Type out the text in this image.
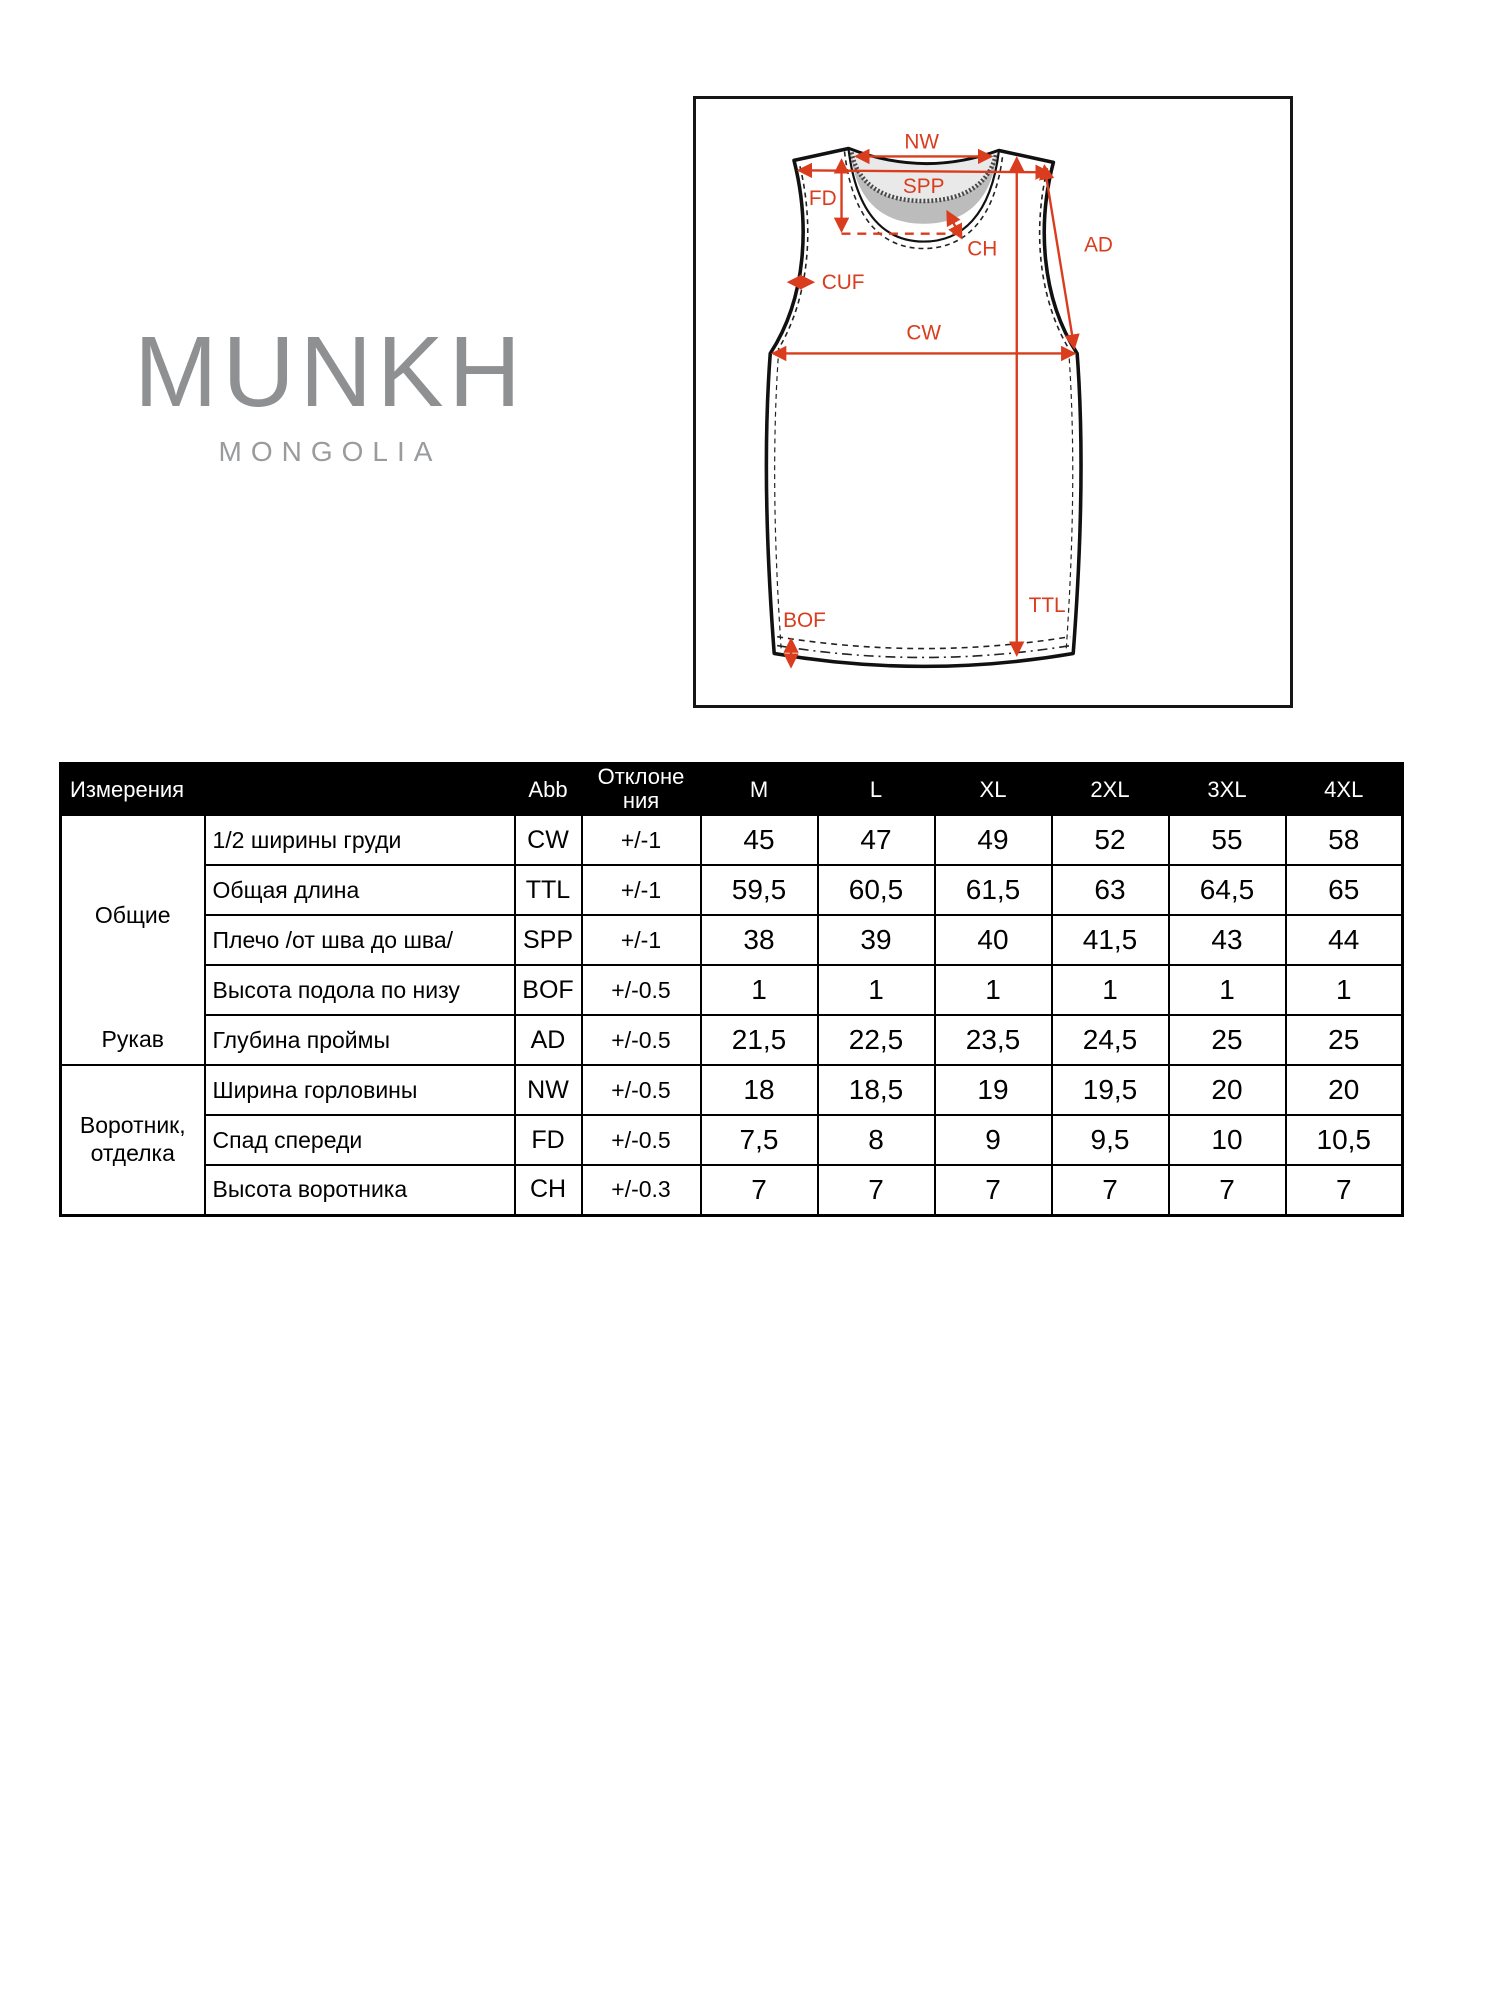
MUNKH
MONGOLIA
NW
SPP
FD
CH	AD
CUF
CW
TTL
BOF
Измерения		Abb	Отклонения	M	L	XL	2XL	3XL	4XL
Общие	1/2 ширины груди	CW	+/-1	45	47	49	52	55	58
	Общая длина	TTL	+/-1	59,5	60,5	61,5	63	64,5	65
	Плечо /от шва до шва/	SPP	+/-1	38	39	40	41,5	43	44
	Высота подола по низу	BOF	+/-0.5	1	1	1	1	1	1
Рукав	Глубина проймы	AD	+/-0.5	21,5	22,5	23,5	24,5	25	25
Воротник, отделка	Ширина горловины	NW	+/-0.5	18	18,5	19	19,5	20	20
	Спад спереди	FD	+/-0.5	7,5	8	9	9,5	10	10,5
	Высота воротника	CH	+/-0.3	7	7	7	7	7	7
